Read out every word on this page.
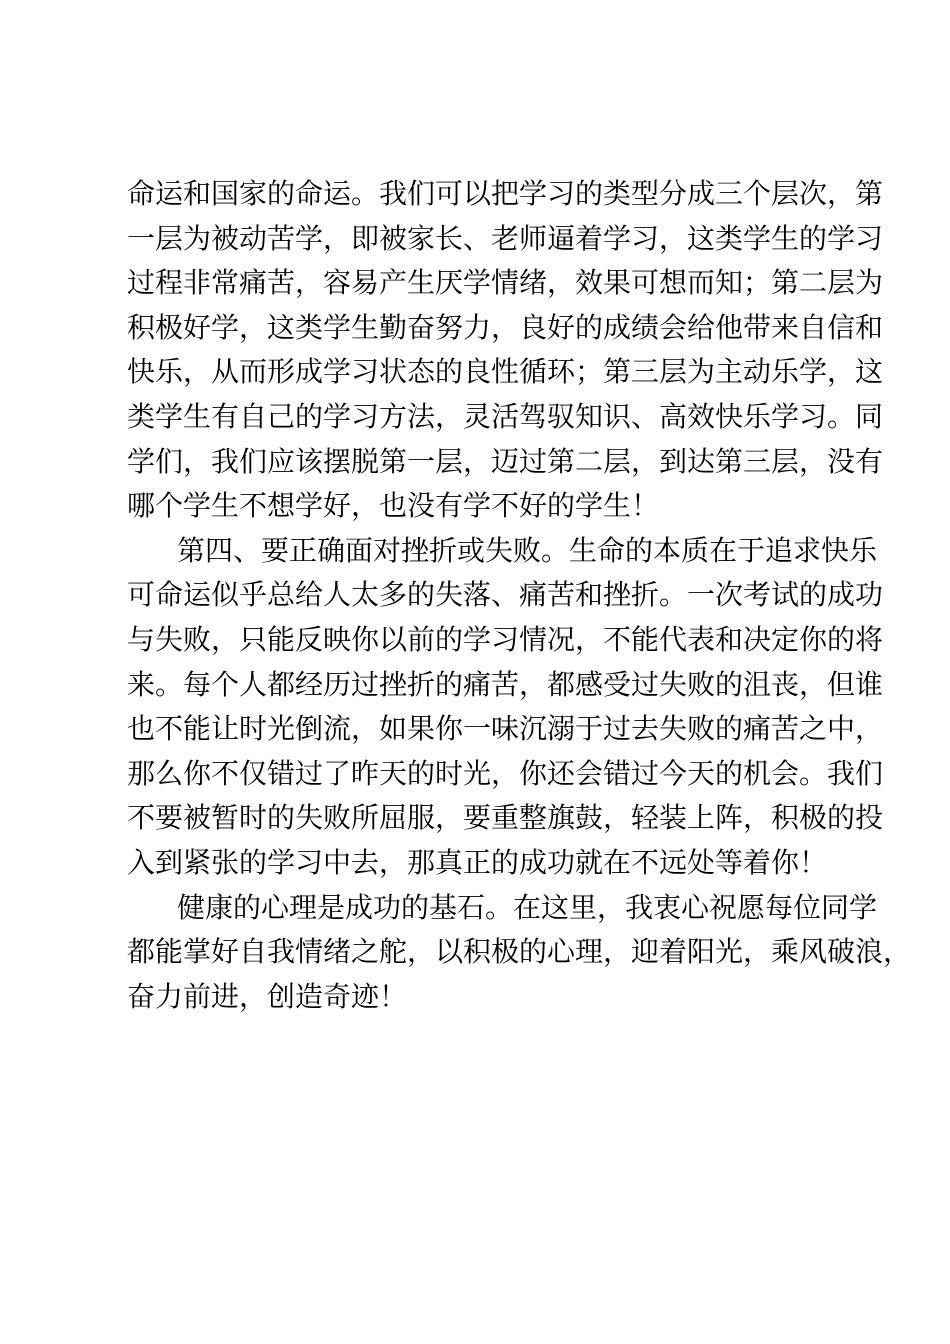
命运和国家的命运。我们可以把学习的类型分成三个层次，第
一层为被动苦学，即被家长、老师逼着学习，这类学生的学习
过程非常痛苦，容易产生厌学情绪，效果可想而知；第二层为
积极好学，这类学生勤奋努力，良好的成绩会给他带来自信和
快乐，从而形成学习状态的良性循环；第三层为主动乐学，这
类学生有自己的学习方法，灵活驾驭知识、高效快乐学习。同
学们，我们应该摆脱第一层，迈过第二层，到达第三层，没有
哪个学生不想学好，也没有学不好的学生！
第四、要正确面对挫折或失败。生命的本质在于追求快乐
可命运似乎总给人太多的失落、痛苦和挫折。一次考试的成功
与失败，只能反映你以前的学习情况，不能代表和决定你的将
来。每个人都经历过挫折的痛苦，都感受过失败的沮丧，但谁
也不能让时光倒流，如果你一味沉溺于过去失败的痛苦之中，
那么你不仅错过了昨天的时光，你还会错过今天的机会。我们
不要被暂时的失败所屈服，要重整旗鼓，轻装上阵，积极的投
入到紧张的学习中去，那真正的成功就在不远处等着你！
健康的心理是成功的基石。在这里，我衷心祝愿每位同学
都能掌好自我情绪之舵，以积极的心理，迎着阳光，乘风破浪，
奋力前进，创造奇迹！
